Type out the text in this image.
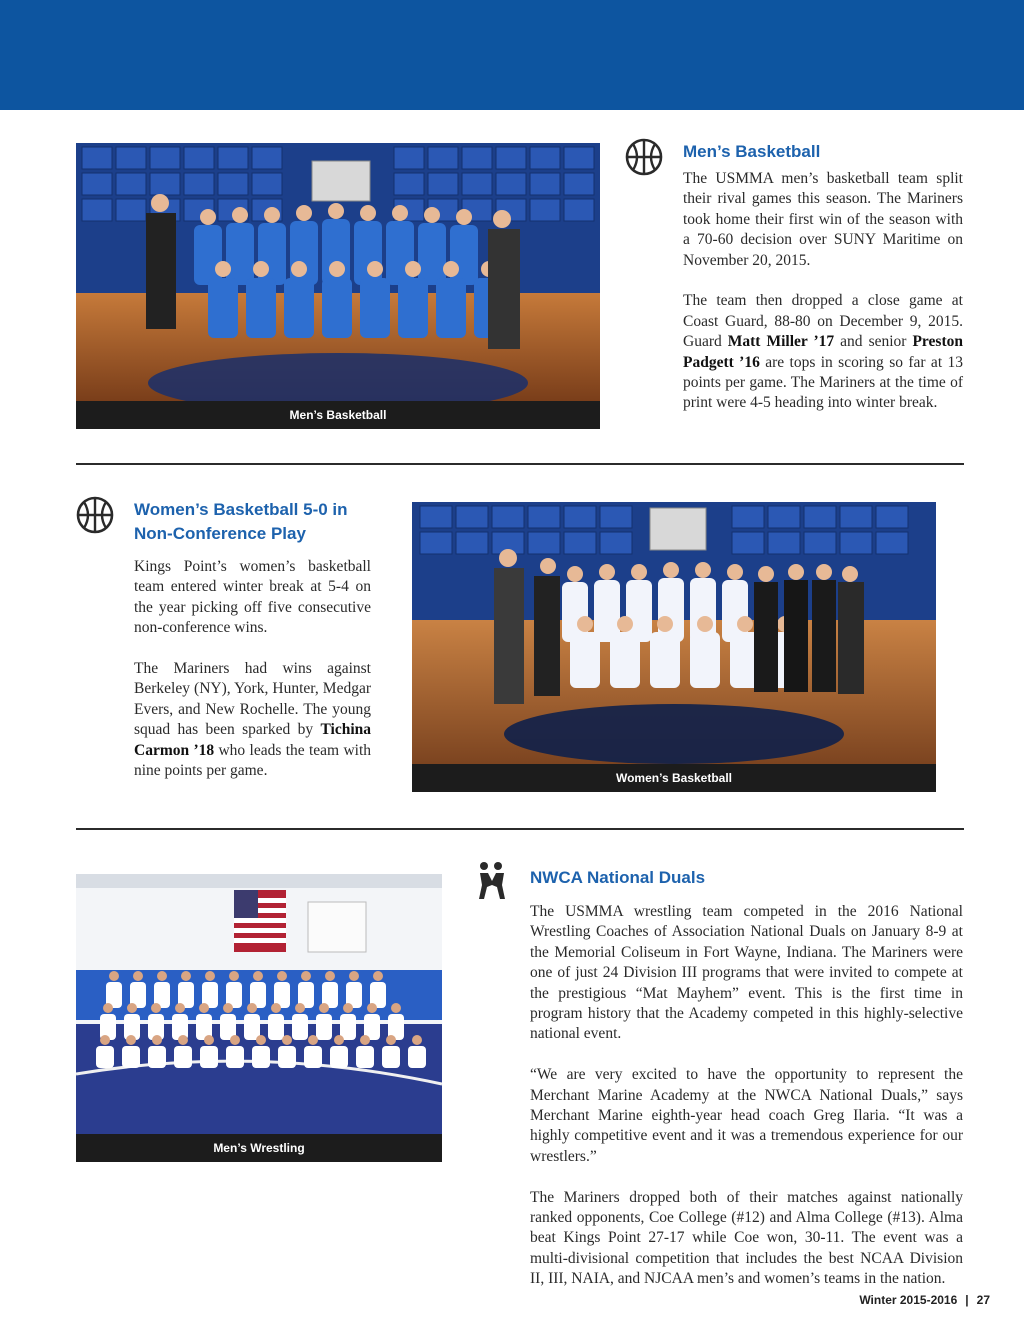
Men’s Basketball
Men’s Basketball

The USMMA men’s basketball team split their rival games this season. The Mariners took home their first win of the season with a 70-60 decision over SUNY Maritime on November 20, 2015.

The team then dropped a close game at Coast Guard, 88-80 on December 9, 2015. Guard Matt Miller ’17 and senior Preston Padgett ’16 are tops in scoring so far at 13 points per game. The Mariners at the time of print were 4-5 heading into winter break.

Women’s Basketball 5-0 in
Non-Conference Play

Kings Point’s women’s basketball team entered winter break at 5-4 on the year picking off five consecutive non-conference wins.

The Mariners had wins against Berkeley (NY), York, Hunter, Medgar Evers, and New Rochelle. The young squad has been sparked by Tichina Carmon ’18 who leads the team with nine points per game.	Women’s Basketball
Men’s Wrestling
NWCA National Duals

The USMMA wrestling team competed in the 2016 National Wrestling Coaches of Association National Duals on January 8-9 at the Memorial Coliseum in Fort Wayne, Indiana. The Mariners were one of just 24 Division III programs that were invited to compete at the prestigious “Mat Mayhem” event. This is the first time in program history that the Academy competed in this highly-selective national event.

“We are very excited to have the opportunity to represent the Merchant Marine Academy at the NWCA National Duals,” says Merchant Marine eighth-year head coach Greg Ilaria. “It was a highly competitive event and it was a tremendous experience for our wrestlers.”

The Mariners dropped both of their matches against nationally ranked opponents, Coe College (#12) and Alma College (#13). Alma beat Kings Point 27-17 while Coe won, 30-11. The event was a multi-divisional competition that includes the best NCAA Division II, III, NAIA, and NJCAA men’s and women’s teams in the nation.

Winter 2015-2016 | 27
